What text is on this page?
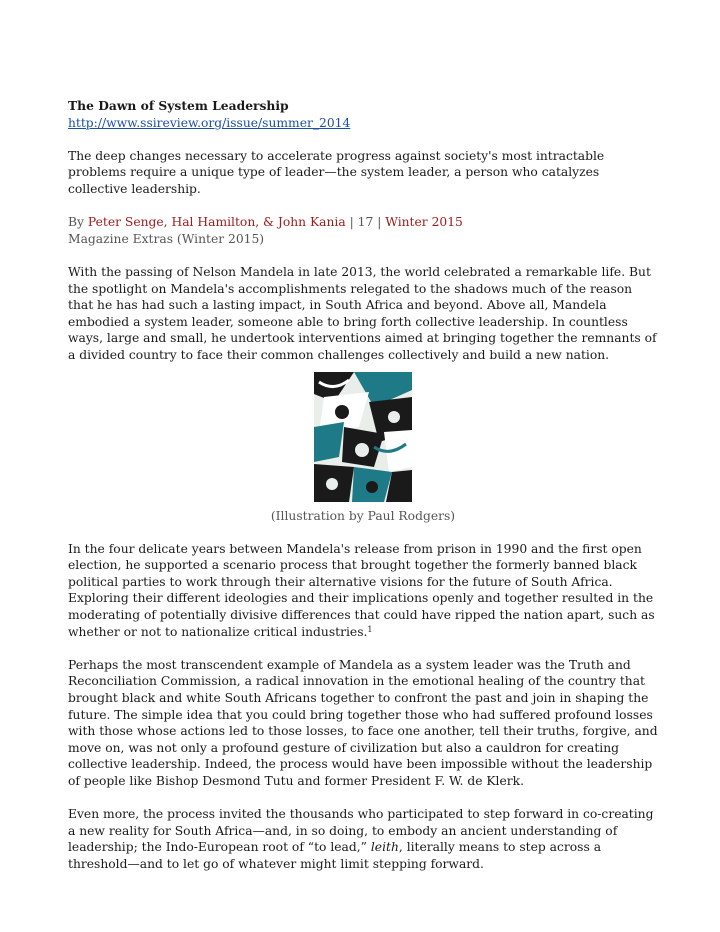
The Dawn of System Leadership

http://www.ssireview.org/issue/summer_2014

The deep changes necessary to accelerate progress against society's most intractable problems require a unique type of leader—the system leader, a person who catalyzes collective leadership.

By Peter Senge, Hal Hamilton, & John Kania | 17 | Winter 2015

Magazine Extras (Winter 2015)

With the passing of Nelson Mandela in late 2013, the world celebrated a remarkable life. But the spotlight on Mandela's accomplishments relegated to the shadows much of the reason that he has had such a lasting impact, in South Africa and beyond. Above all, Mandela embodied a system leader, someone able to bring forth collective leadership. In countless ways, large and small, he undertook interventions aimed at bringing together the remnants of a divided country to face their common challenges collectively and build a new nation.

(Illustration by Paul Rodgers)

In the four delicate years between Mandela's release from prison in 1990 and the first open election, he supported a scenario process that brought together the formerly banned black political parties to work through their alternative visions for the future of South Africa. Exploring their different ideologies and their implications openly and together resulted in the moderating of potentially divisive differences that could have ripped the nation apart, such as whether or not to nationalize critical industries.$^1$

Perhaps the most transcendent example of Mandela as a system leader was the Truth and Reconciliation Commission, a radical innovation in the emotional healing of the country that brought black and white South Africans together to confront the past and join in shaping the future. The simple idea that you could bring together those who had suffered profound losses with those whose actions led to those losses, to face one another, tell their truths, forgive, and move on, was not only a profound gesture of civilization but also a cauldron for creating collective leadership. Indeed, the process would have been impossible without the leadership of people like Bishop Desmond Tutu and former President F. W. de Klerk.

Even more, the process invited the thousands who participated to step forward in co-creating a new reality for South Africa—and, in so doing, to embody an ancient understanding of leadership; the Indo-European root of “to lead,” leith, literally means to step across a threshold—and to let go of whatever might limit stepping forward.
